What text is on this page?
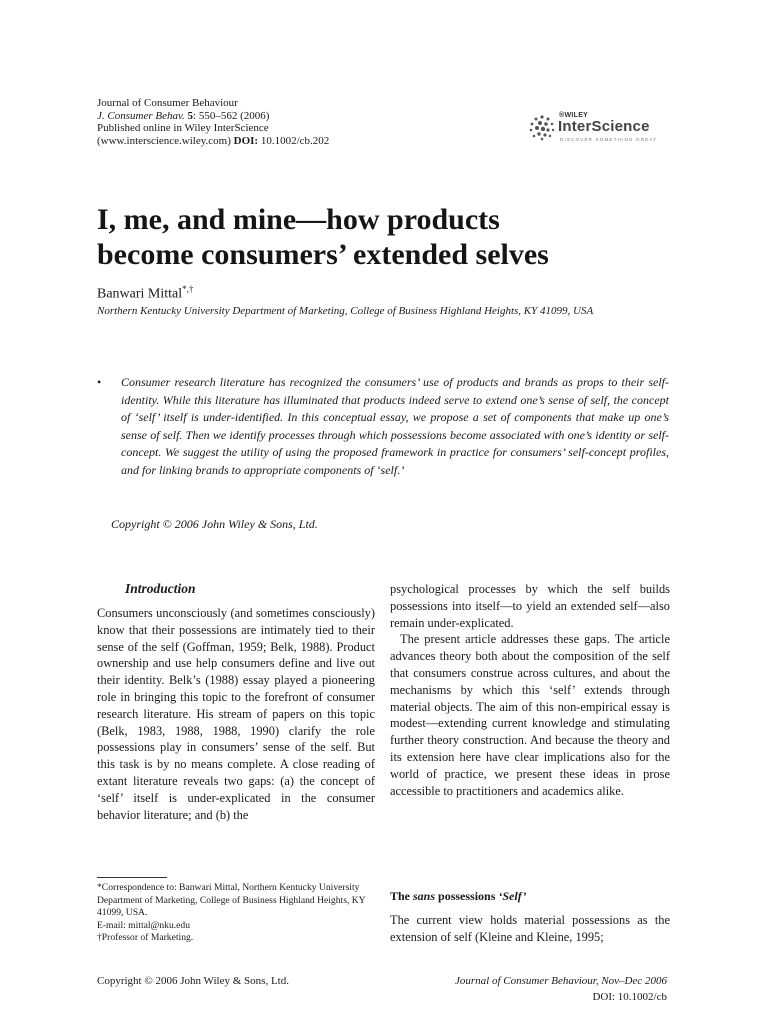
Journal of Consumer Behaviour
J. Consumer Behav. 5: 550–562 (2006)
Published online in Wiley InterScience
(www.interscience.wiley.com) DOI: 10.1002/cb.202
®WILEY
InterScience
DISCOVER SOMETHING GREAT
I, me, and mine—how products
become consumers’ extended selves
Banwari Mittal*,†
Northern Kentucky University Department of Marketing, College of Business Highland Heights, KY 41099, USA
• Consumer research literature has recognized the consumers’ use of products and brands as props to their self-identity. While this literature has illuminated that products indeed serve to extend one’s sense of self, the concept of ‘self’ itself is under-identified. In this conceptual essay, we propose a set of components that make up one’s sense of self. Then we identify processes through which possessions become associated with one’s identity or self-concept. We suggest the utility of using the proposed framework in practice for consumers’ self-concept profiles, and for linking brands to appropriate components of ‘self.’
Copyright © 2006 John Wiley & Sons, Ltd.
Introduction

Consumers unconsciously (and sometimes consciously) know that their possessions are intimately tied to their sense of the self (Goffman, 1959; Belk, 1988). Product ownership and use help consumers define and live out their identity. Belk’s (1988) essay played a pioneering role in bringing this topic to the forefront of consumer research literature. His stream of papers on this topic (Belk, 1983, 1988, 1988, 1990) clarify the role possessions play in consumers’ sense of the self. But this task is by no means complete. A close reading of extant literature reveals two gaps: (a) the concept of ‘self’ itself is under-explicated in the consumer behavior literature; and (b) the

psychological processes by which the self builds possessions into itself—to yield an extended self—also remain under-explicated.

The present article addresses these gaps. The article advances theory both about the composition of the self that consumers construe across cultures, and about the mechanisms by which this ‘self’ extends through material objects. The aim of this non-empirical essay is modest—extending current knowledge and stimulating further theory construction. And because the theory and its extension here have clear implications also for the world of practice, we present these ideas in prose accessible to practitioners and academics alike.

The sans possessions ‘Self’

The current view holds material possessions as the extension of self (Kleine and Kleine, 1995;

*Correspondence to: Banwari Mittal, Northern Kentucky University Department of Marketing, College of Business Highland Heights, KY 41099, USA.
E-mail: mittal@nku.edu
†Professor of Marketing.
Copyright © 2006 John Wiley & Sons, Ltd.	Journal of Consumer Behaviour, Nov–Dec 2006
DOI: 10.1002/cb
